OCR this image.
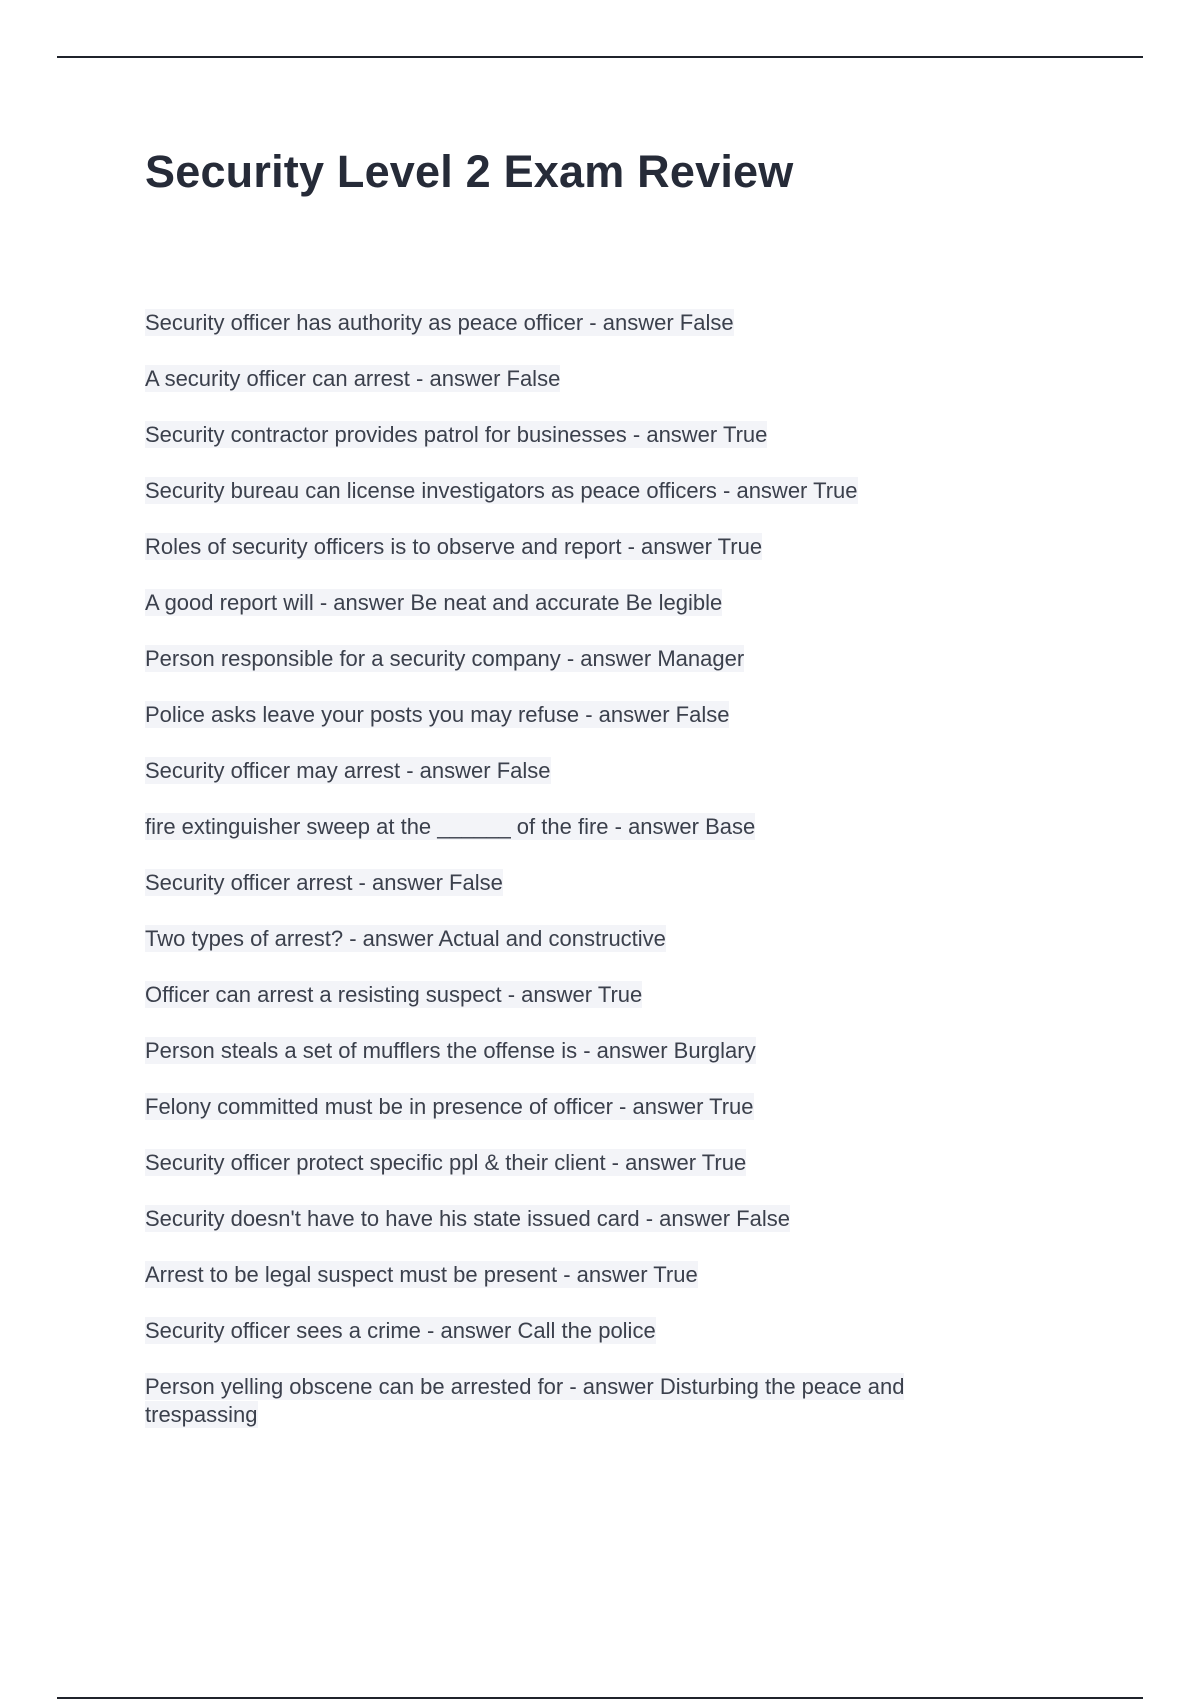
Security Level 2 Exam Review
Security officer has authority as peace officer - answer False
A security officer can arrest - answer False
Security contractor provides patrol for businesses - answer True
Security bureau can license investigators as peace officers - answer True
Roles of security officers is to observe and report - answer True
A good report will - answer Be neat and accurate Be legible
Person responsible for a security company - answer Manager
Police asks leave your posts you may refuse - answer False
Security officer may arrest - answer False
fire extinguisher sweep at the ______ of the fire - answer Base
Security officer arrest - answer False
Two types of arrest? - answer Actual and constructive
Officer can arrest a resisting suspect - answer True
Person steals a set of mufflers the offense is - answer Burglary
Felony committed must be in presence of officer - answer True
Security officer protect specific ppl & their client - answer True
Security doesn't have to have his state issued card - answer False
Arrest to be legal suspect must be present - answer True
Security officer sees a crime - answer Call the police
Person yelling obscene can be arrested for - answer Disturbing the peace and trespassing
